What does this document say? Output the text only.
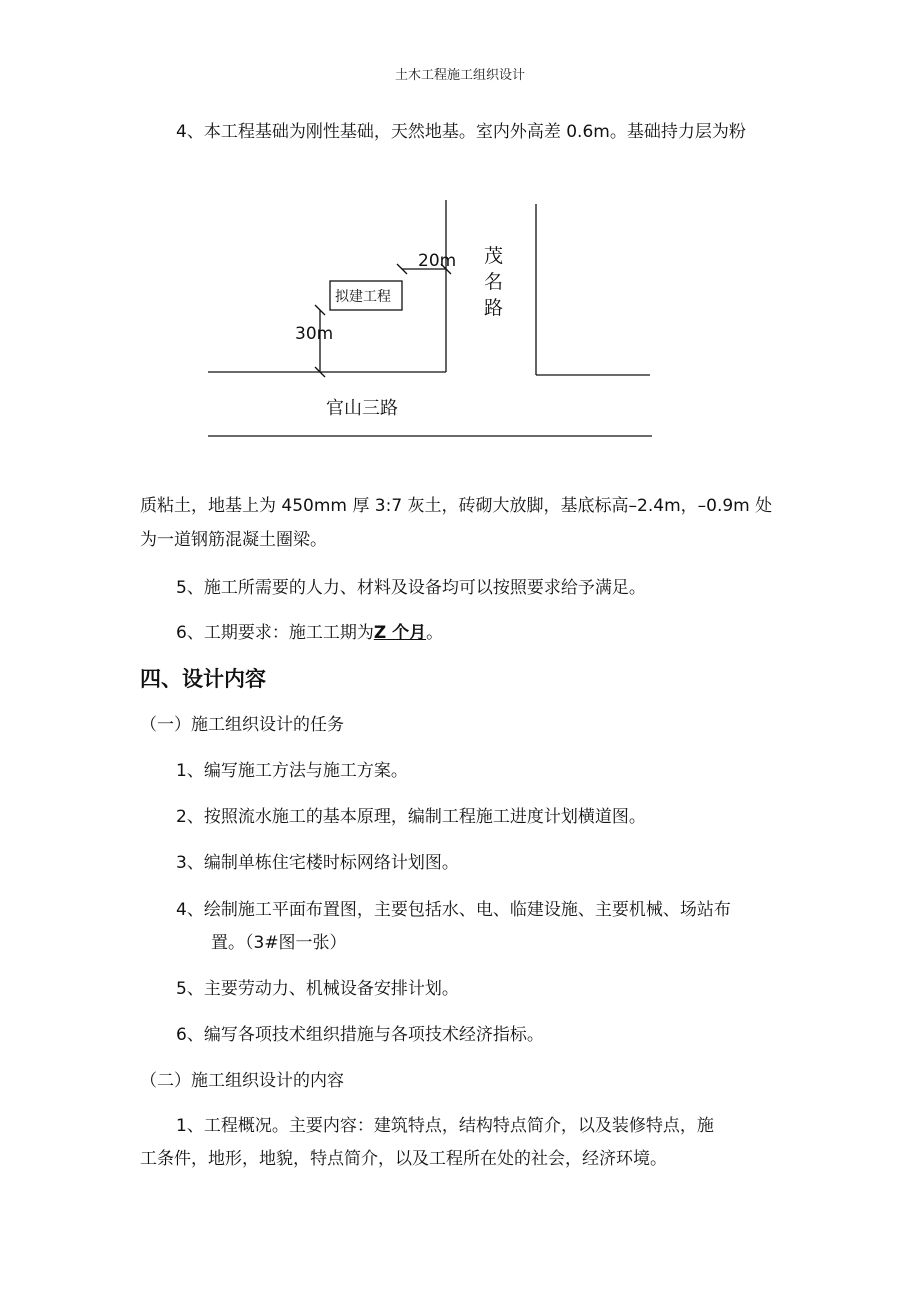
土木工程施工组织设计
4、本工程基础为刚性基础，天然地基。室内外高差 0.6m。基础持力层为粉
20m
拟建工程
30m
茂
名
路
官山三路
质粘土，地基上为 450mm 厚 3:7 灰土，砖砌大放脚，基底标高–2.4m，–0.9m 处
为一道钢筋混凝土圈梁。
5、施工所需要的人力、材料及设备均可以按照要求给予满足。
6、工期要求：施工工期为Z 个月。
四、设计内容
（一）施工组织设计的任务
1、编写施工方法与施工方案。
2、按照流水施工的基本原理，编制工程施工进度计划横道图。
3、编制单栋住宅楼时标网络计划图。
4、绘制施工平面布置图，主要包括水、电、临建设施、主要机械、场站布
置。（3#图一张）
5、主要劳动力、机械设备安排计划。
6、编写各项技术组织措施与各项技术经济指标。
（二）施工组织设计的内容
1、工程概况。主要内容：建筑特点，结构特点简介，以及装修特点，施
工条件，地形，地貌，特点简介，以及工程所在处的社会，经济环境。
